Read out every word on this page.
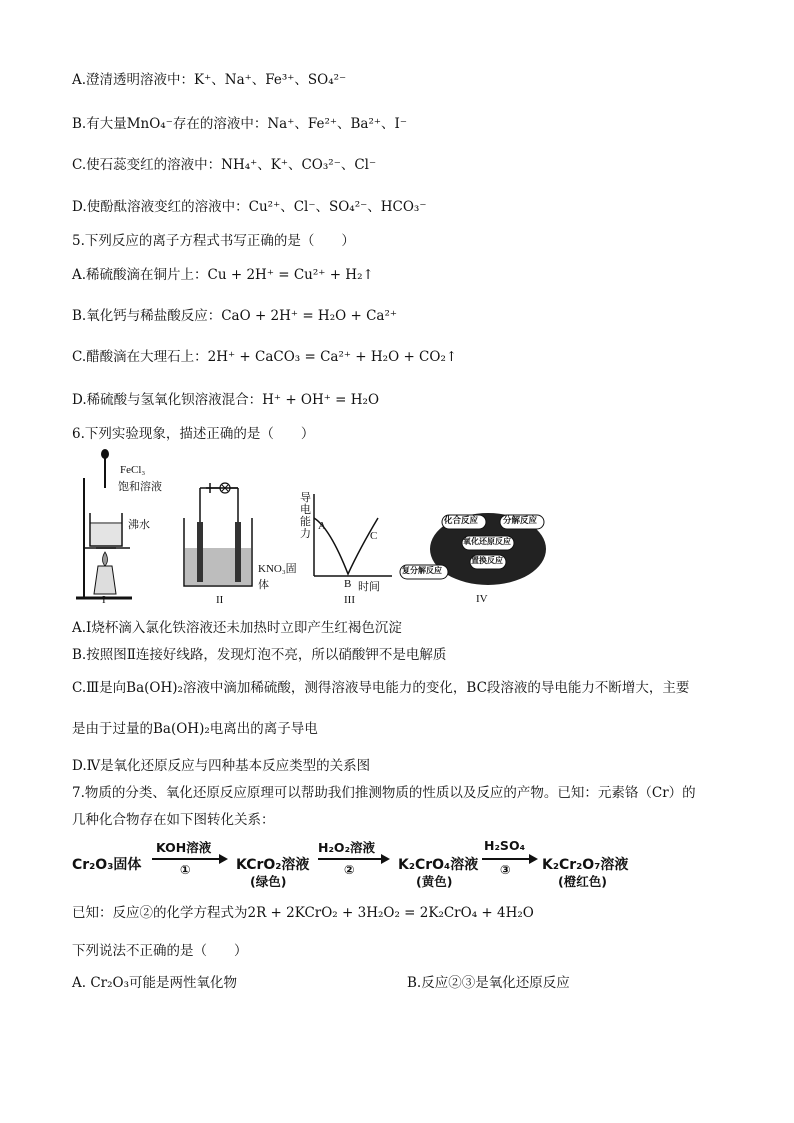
A.澄清透明溶液中：K⁺、Na⁺、Fe³⁺、SO₄²⁻
B.有大量MnO₄⁻存在的溶液中：Na⁺、Fe²⁺、Ba²⁺、I⁻
C.使石蕊变红的溶液中：NH₄⁺、K⁺、CO₃²⁻、Cl⁻
D.使酚酞溶液变红的溶液中：Cu²⁺、Cl⁻、SO₄²⁻、HCO₃⁻
5.下列反应的离子方程式书写正确的是（　　）
A.稀硫酸滴在铜片上：Cu + 2H⁺ = Cu²⁺ + H₂↑
B.氧化钙与稀盐酸反应：CaO + 2H⁺ = H₂O + Ca²⁺
C.醋酸滴在大理石上：2H⁺ + CaCO₃ = Ca²⁺ + H₂O + CO₂↑
D.稀硫酸与氢氧化钡溶液混合：H⁺ + OH⁺ = H₂O
6.下列实验现象，描述正确的是（　　）
FeCl₃
饱和溶液
沸水
I
KNO₃固体
II
导电能力
A
B
C
时间
III
化合反应	分解反应
氧化还原反应
置换反应
复分解反应
IV
A.Ⅰ烧杯滴入氯化铁溶液还未加热时立即产生红褐色沉淀
B.按照图Ⅱ连接好线路，发现灯泡不亮，所以硝酸钾不是电解质
C.Ⅲ是向Ba(OH)₂溶液中滴加稀硫酸，测得溶液导电能力的变化，BC段溶液的导电能力不断增大，主要
是由于过量的Ba(OH)₂电离出的离子导电
D.Ⅳ是氧化还原反应与四种基本反应类型的关系图
7.物质的分类、氧化还原反应原理可以帮助我们推测物质的性质以及反应的产物。已知：元素铬（Cr）的
几种化合物存在如下图转化关系：
Cr₂O₃固体
KOH溶液
①	KCrO₂溶液
(绿色)
H₂O₂溶液
②	K₂CrO₄溶液
(黄色)
H₂SO₄
③ K₂Cr₂O₇溶液
(橙红色)
已知：反应②的化学方程式为2R + 2KCrO₂ + 3H₂O₂ = 2K₂CrO₄ + 4H₂O
下列说法不正确的是（　　）
A. Cr₂O₃可能是两性氧化物	B.反应②③是氧化还原反应
